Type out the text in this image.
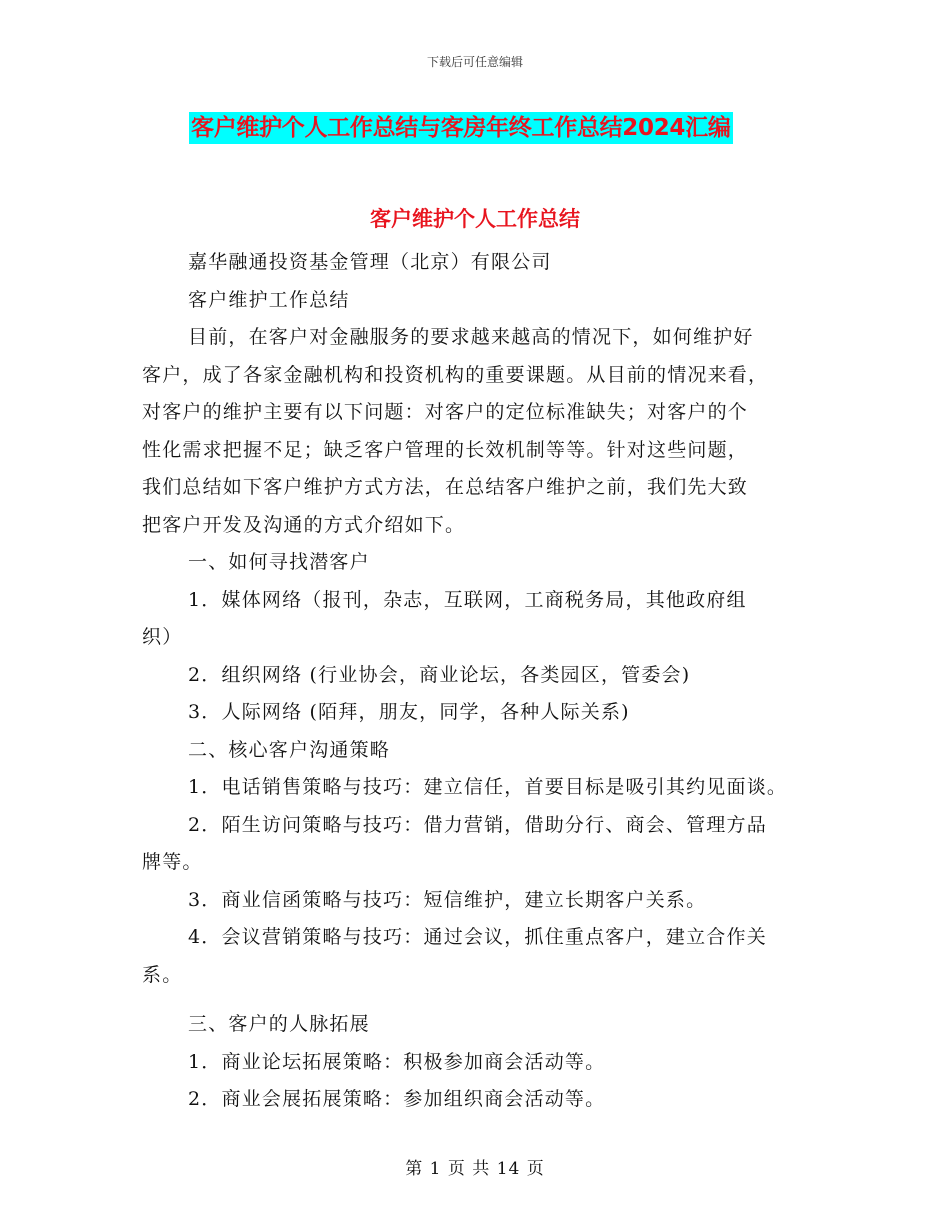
下载后可任意编辑
客户维护个人工作总结与客房年终工作总结2024汇编
客户维护个人工作总结

嘉华融通投资基金管理（北京）有限公司

客户维护工作总结

目前，在客户对金融服务的要求越来越高的情况下，如何维护好

客户，成了各家金融机构和投资机构的重要课题。从目前的情况来看，

对客户的维护主要有以下问题：对客户的定位标准缺失；对客户的个

性化需求把握不足；缺乏客户管理的长效机制等等。针对这些问题，

我们总结如下客户维护方式方法，在总结客户维护之前，我们先大致

把客户开发及沟通的方式介绍如下。

一、如何寻找潜客户

1．媒体网络（报刊，杂志，互联网，工商税务局，其他政府组

织）

2．组织网络 (行业协会，商业论坛，各类园区，管委会)

3．人际网络 (陌拜，朋友，同学，各种人际关系)

二、核心客户沟通策略

1．电话销售策略与技巧：建立信任，首要目标是吸引其约见面谈。

2．陌生访问策略与技巧：借力营销，借助分行、商会、管理方品

牌等。

3．商业信函策略与技巧：短信维护，建立长期客户关系。

4．会议营销策略与技巧：通过会议，抓住重点客户，建立合作关

系。

三、客户的人脉拓展

1．商业论坛拓展策略：积极参加商会活动等。

2．商业会展拓展策略：参加组织商会活动等。

第 1 页 共 14 页
